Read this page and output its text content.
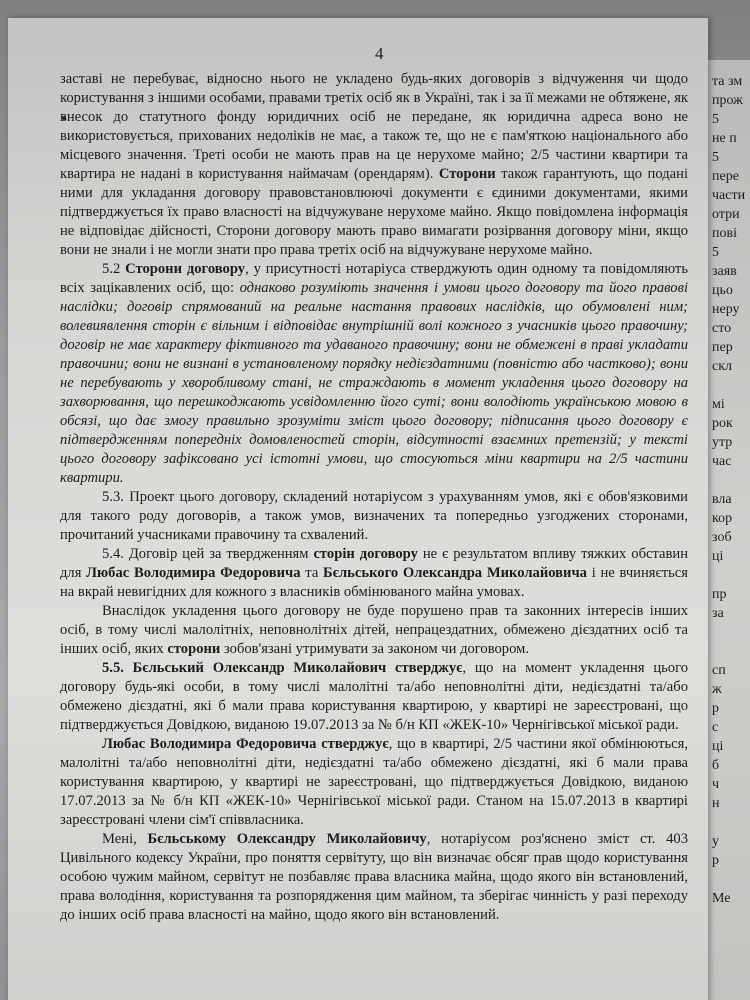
4

заставі не перебуває, відносно нього не укладено будь-яких договорів з відчуження чи щодо користування з іншими особами, правами третіх осіб як в Україні, так і за її межами не обтяжене, як внесок до статутного фонду юридичних осіб не передане, як юридична адреса воно не використовується, прихованих недоліків не має, а також те, що не є пам'яткою національного або місцевого значення. Треті особи не мають прав на це нерухоме майно; 2/5 частини квартири та квартира не надані в користування наймачам (орендарям). Сторони також гарантують, що подані ними для укладання договору правовстановлюючі документи є єдиними документами, якими підтверджується їх право власності на відчужуване нерухоме майно. Якщо повідомлена інформація не відповідає дійсності, Сторони договору мають право вимагати розірвання договору міни, якщо вони не знали і не могли знати про права третіх осіб на відчужуване нерухоме майно.

5.2 Сторони договору, у присутності нотаріуса стверджують один одному та повідомляють всіх зацікавлених осіб, що: однаково розуміють значення і умови цього договору та його правові наслідки; договір спрямований на реальне настання правових наслідків, що обумовлені ним; волевиявлення сторін є вільним і відповідає внутрішній волі кожного з учасників цього правочину; договір не має характеру фіктивного та удаваного правочину; вони не обмежені в праві укладати правочини; вони не визнані в установленому порядку недієздатними (повністю або частково); вони не перебувають у хворобливому стані, не страждають в момент укладення цього договору на захворювання, що перешкоджають усвідомленню його суті; вони володіють українською мовою в обсязі, що дає змогу правильно зрозуміти зміст цього договору; підписання цього договору є підтвердженням попередніх домовленостей сторін, відсутності взаємних претензій; у тексті цього договору зафіксовано усі істотні умови, що стосуються міни квартири на 2/5 частини квартири.

5.3. Проект цього договору, складений нотаріусом з урахуванням умов, які є обов'язковими для такого роду договорів, а також умов, визначених та попередньо узгоджених сторонами, прочитаний учасниками правочину та схвалений.

5.4. Договір цей за твердженням сторін договору не є результатом впливу тяжких обставин для Любас Володимира Федоровича та Бєльського Олександра Миколайовича і не вчиняється на вкрай невигідних для кожного з власників обмінюваного майна умовах.

Внаслідок укладення цього договору не буде порушено прав та законних інтересів інших осіб, в тому числі малолітніх, неповнолітніх дітей, непрацездатних, обмежено дієздатних осіб та інших осіб, яких сторони зобов'язані утримувати за законом чи договором.

5.5. Бєльський Олександр Миколайович стверджує, що на момент укладення цього договору будь-які особи, в тому числі малолітні та/або неповнолітні діти, недієздатні та/або обмежено дієздатні, які б мали права користування квартирою, у квартирі не зареєстровані, що підтверджується Довідкою, виданою 19.07.2013 за № б/н КП «ЖЕК-10» Чернігівської міської ради.

Любас Володимира Федоровича стверджує, що в квартирі, 2/5 частини якої обмінюються, малолітні та/або неповнолітні діти, недієздатні та/або обмежено дієздатні, які б мали права користування квартирою, у квартирі не зареєстровані, що підтверджується Довідкою, виданою 17.07.2013 за № б/н КП «ЖЕК-10» Чернігівської міської ради. Станом на 15.07.2013 в квартирі зареєстровані члени сім'ї співвласника.

Мені, Бєльському Олександру Миколайовичу, нотаріусом роз'яснено зміст ст. 403 Цивільного кодексу України, про поняття сервітуту, що він визначає обсяг прав щодо користування особою чужим майном, сервітут не позбавляє права власника майна, щодо якого він встановлений, права володіння, користування та розпорядження цим майном, та зберігає чинність у разі переходу до інших осіб права власності на майно, щодо якого він встановлений.

та зм
прож
5
не п
5
пере
части
отри
пові
5
заяв
цьо
неру
сто
пер
скл
мі
рок
утр
час
вла
кор
зоб
ці
пр
за
сп
ж
р
с
ці
б
ч
н
у
р
Ме
